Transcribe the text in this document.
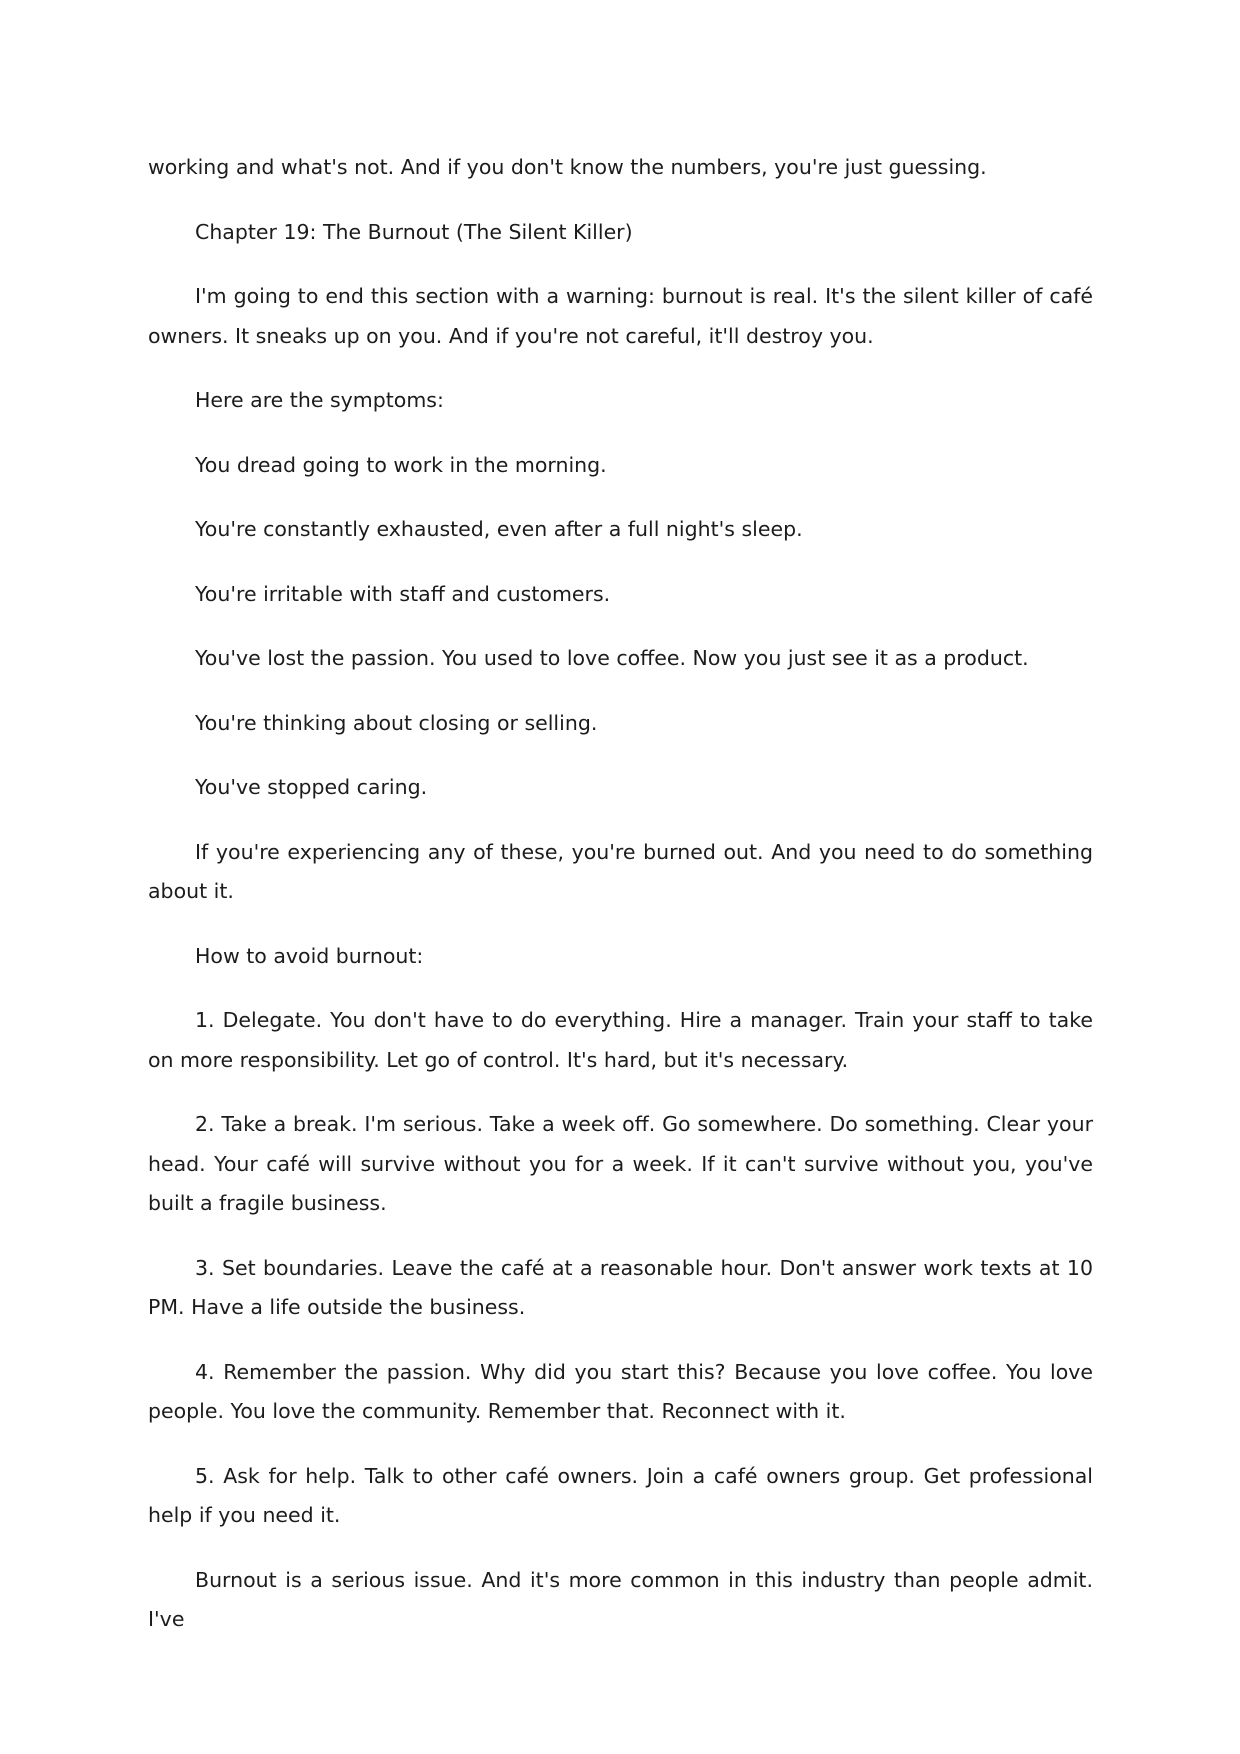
working and what's not. And if you don't know the numbers, you're just guessing.

Chapter 19: The Burnout (The Silent Killer)

I'm going to end this section with a warning: burnout is real. It's the silent killer of café owners. It sneaks up on you. And if you're not careful, it'll destroy you.

Here are the symptoms:

You dread going to work in the morning.

You're constantly exhausted, even after a full night's sleep.

You're irritable with staff and customers.

You've lost the passion. You used to love coffee. Now you just see it as a product.

You're thinking about closing or selling.

You've stopped caring.

If you're experiencing any of these, you're burned out. And you need to do something about it.

How to avoid burnout:

1. Delegate. You don't have to do everything. Hire a manager. Train your staff to take on more responsibility. Let go of control. It's hard, but it's necessary.

2. Take a break. I'm serious. Take a week off. Go somewhere. Do something. Clear your head. Your café will survive without you for a week. If it can't survive without you, you've built a fragile business.

3. Set boundaries. Leave the café at a reasonable hour. Don't answer work texts at 10 PM. Have a life outside the business.

4. Remember the passion. Why did you start this? Because you love coffee. You love people. You love the community. Remember that. Reconnect with it.

5. Ask for help. Talk to other café owners. Join a café owners group. Get professional help if you need it.

Burnout is a serious issue. And it's more common in this industry than people admit. I've
